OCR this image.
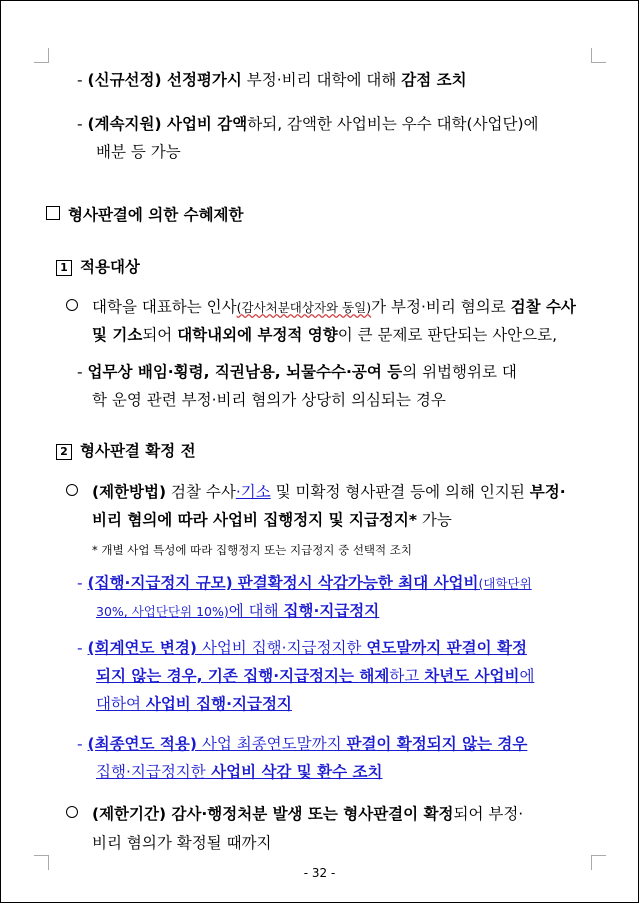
- (신규선정) 선정평가시 부정·비리 대학에 대해 감점 조치
- (계속지원) 사업비 감액하되, 감액한 사업비는 우수 대학(사업단)에
배분 등 가능
형사판결에 의한 수혜제한
1 적용대상
대학을 대표하는 인사(감사처분대상자와 동일)가 부정·비리 혐의로 검찰 수사
및 기소되어 대학내외에 부정적 영향이 큰 문제로 판단되는 사안으로,
- 업무상 배임·횡령, 직권남용, 뇌물수수·공여 등의 위법행위로 대
학 운영 관련 부정·비리 혐의가 상당히 의심되는 경우
2 형사판결 확정 전
(제한방법) 검찰 수사·기소 및 미확정 형사판결 등에 의해 인지된 부정·
비리 혐의에 따라 사업비 집행정지 및 지급정지* 가능
* 개별 사업 특성에 따라 집행정지 또는 지급정지 중 선택적 조치
- (집행·지급정지 규모) 판결확정시 삭감가능한 최대 사업비(대학단위
30%, 사업단단위 10%)에 대해 집행·지급정지
- (회계연도 변경) 사업비 집행·지급정지한 연도말까지 판결이 확정
되지 않는 경우, 기존 집행·지급정지는 해제하고 차년도 사업비에
대하여 사업비 집행·지급정지
- (최종연도 적용) 사업 최종연도말까지 판결이 확정되지 않는 경우
집행·지급정지한 사업비 삭감 및 환수 조치
(제한기간) 감사·행정처분 발생 또는 형사판결이 확정되어 부정·
비리 혐의가 확정될 때까지
- 32 -
